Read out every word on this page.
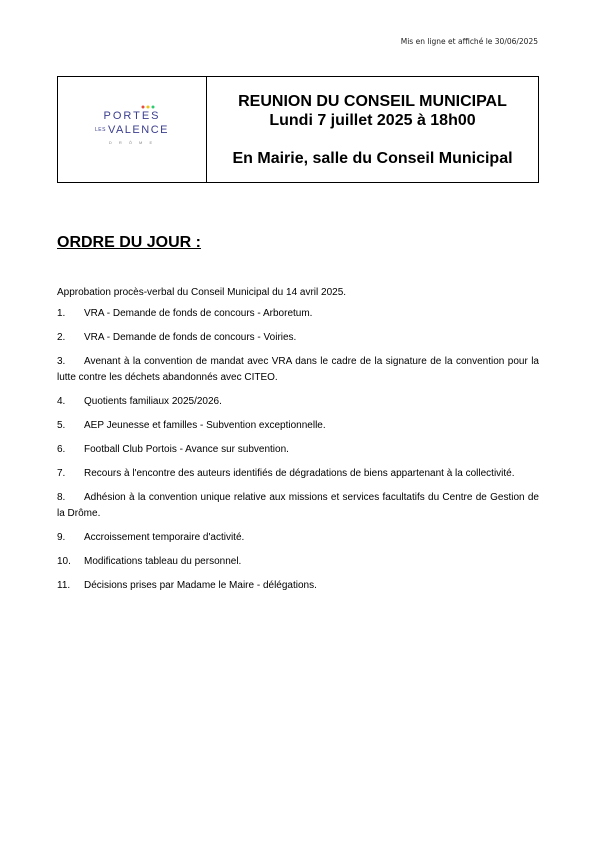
Mis en ligne et affiché le 30/06/2025
PORTES
LES VALENCE
D R Ô M E
REUNION DU CONSEIL MUNICIPAL
Lundi 7 juillet 2025 à 18h00
En Mairie, salle du Conseil Municipal
ORDRE DU JOUR :

Approbation procès-verbal du Conseil Municipal du 14 avril 2025.

1. VRA - Demande de fonds de concours - Arboretum.
2. VRA - Demande de fonds de concours - Voiries.
3. Avenant à la convention de mandat avec VRA dans le cadre de la signature de la convention pour la lutte contre les déchets abandonnés avec CITEO.
4. Quotients familiaux 2025/2026.
5. AEP Jeunesse et familles - Subvention exceptionnelle.
6. Football Club Portois - Avance sur subvention.
7. Recours à l'encontre des auteurs identifiés de dégradations de biens appartenant à la collectivité.
8. Adhésion à la convention unique relative aux missions et services facultatifs du Centre de Gestion de la Drôme.
9. Accroissement temporaire d'activité.
10. Modifications tableau du personnel.
11. Décisions prises par Madame le Maire - délégations.
